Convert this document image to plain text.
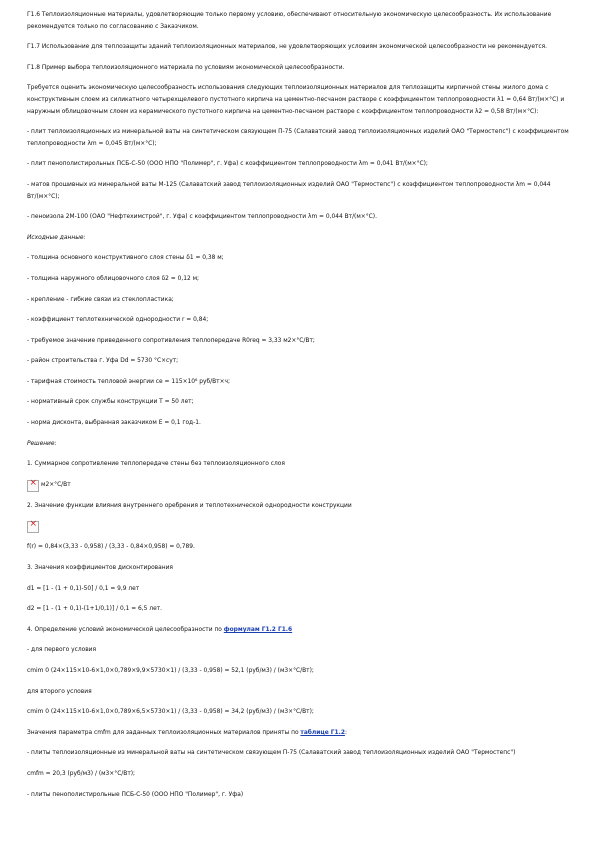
Г1.6 Теплоизоляционные материалы, удовлетворяющие только первому условию, обеспечивают относительную экономическую целесообразность. Их использование рекомендуется только по согласованию с Заказчиком.

Г1.7 Использование для теплозащиты зданий теплоизоляционных материалов, не удовлетворяющих условиям экономической целесообразности не рекомендуется.

Г1.8 Пример выбора теплоизоляционного материала по условиям экономической целесообразности.

Требуется оценить экономическую целесообразность использования следующих теплоизоляционных материалов для теплозащиты кирпичной стены жилого дома с конструктивным слоем из силикатного четырехщелевого пустотного кирпича на цементно-песчаном растворе с коэффициентом теплопроводности λ1 = 0,64 Вт/(м×°С) и наружным облицовочным слоем из керамического пустотного кирпича на цементно-песчаном растворе с коэффициентом теплопроводности λ2 = 0,58 Вт/(м×°С):

- плит теплоизоляционных из минеральной ваты на синтетическом связующем П-75 (Салаватский завод теплоизоляционных изделий ОАО "Термостепс") с коэффициентом теплопроводности λm = 0,045 Вт/(м×°С);

- плит пенополистирольных ПСБ-С-50 (ООО НПО "Полимер", г. Уфа) с коэффициентом теплопроводности λm = 0,041 Вт/(м×°С);

- матов прошивных из минеральной ваты М-125 (Салаватский завод теплоизоляционных изделий ОАО "Термостепс") с коэффициентом теплопроводности λm = 0,044 Вт/(м×°С);

- пеноизола 2М-100 (ОАО "Нефтехимстрой", г. Уфа) с коэффициентом теплопроводности λm = 0,044 Вт/(м×°С).

Исходные данные:

- толщина основного конструктивного слоя стены δ1 = 0,38 м;

- толщина наружного облицовочного слоя δ2 = 0,12 м;

- крепление - гибкие связи из стеклопластика;

- коэффициент теплотехнической однородности r = 0,84;

- требуемое значение приведенного сопротивления теплопередаче R0req = 3,33 м2×°С/Вт;

- район строительства г. Уфа Dd = 5730 °С×сут;

- тарифная стоимость тепловой энергии ce = 115×10⁶ руб/Вт×ч;

- нормативный срок службы конструкции T = 50 лет;

- норма дисконта, выбранная заказчиком E = 0,1 год-1.

Решение:

1. Суммарное сопротивление теплопередаче стены без теплоизоляционного слоя

×
м2×°С/Вт

2. Значение функции влияния внутреннего оребрения и теплотехнической однородности конструкции

×

f(r) = 0,84×(3,33 - 0,958) / (3,33 - 0,84×0,958) = 0,789.

3. Значения коэффициентов дисконтирования

d1 = [1 - (1 + 0,1)-50] / 0,1 = 9,9 лет

d2 = [1 - (1 + 0,1)-(1+1/0,1)] / 0,1 = 6,5 лет.

4. Определение условий экономической целесообразности по формулам Г1.2 Г1.6

- для первого условия

cmim 0 (24×115×10-6×1,0×0,789×9,9×5730×1) / (3,33 - 0,958) = 52,1 (руб/м3) / (м3×°С/Вт);

для второго условия

cmim 0 (24×115×10-6×1,0×0,789×6,5×5730×1) / (3,33 - 0,958) = 34,2 (руб/м3) / (м3×°С/Вт);

Значения параметра сmfm для заданных теплоизоляционных материалов приняты по таблице Г1.2:

- плиты теплоизоляционные из минеральной ваты на синтетическом связующем П-75 (Салаватский завод теплоизоляционных изделий ОАО "Термостепс")

cmfm = 20,3 (руб/м3) / (м3×°С/Вт);

- плиты пенополистирольные ПСБ-С-50 (ООО НПО "Полимер", г. Уфа)
